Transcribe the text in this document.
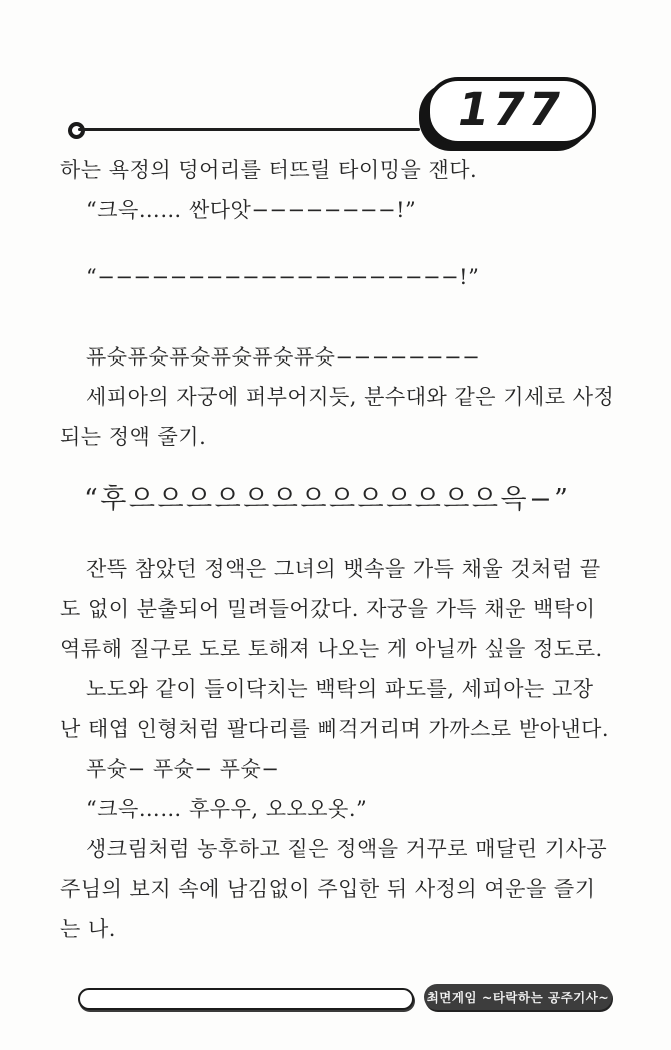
177

하는 욕정의 덩어리를 터뜨릴 타이밍을 잰다.

“크윽…… 싼다앗−−−−−−−−!”

“−−−−−−−−−−−−−−−−−−−−!”

퓨슛퓨슛퓨슛퓨슛퓨슛퓨슛−−−−−−−−

세피아의 자궁에 퍼부어지듯, 분수대와 같은 기세로 사정

되는 정액 줄기.

“후으으으으으으으으으으으으으윽−”

잔뜩 참았던 정액은 그녀의 뱃속을 가득 채울 것처럼 끝

도 없이 분출되어 밀려들어갔다. 자궁을 가득 채운 백탁이

역류해 질구로 도로 토해져 나오는 게 아닐까 싶을 정도로.

노도와 같이 들이닥치는 백탁의 파도를, 세피아는 고장

난 태엽 인형처럼 팔다리를 삐걱거리며 가까스로 받아낸다.

푸슛− 푸슛− 푸슛−

“크윽…… 후우우, 오오오옷.”

생크림처럼 농후하고 짙은 정액을 거꾸로 매달린 기사공

주님의 보지 속에 남김없이 주입한 뒤 사정의 여운을 즐기

는 나.

최면게임 ~타락하는 공주기사~
